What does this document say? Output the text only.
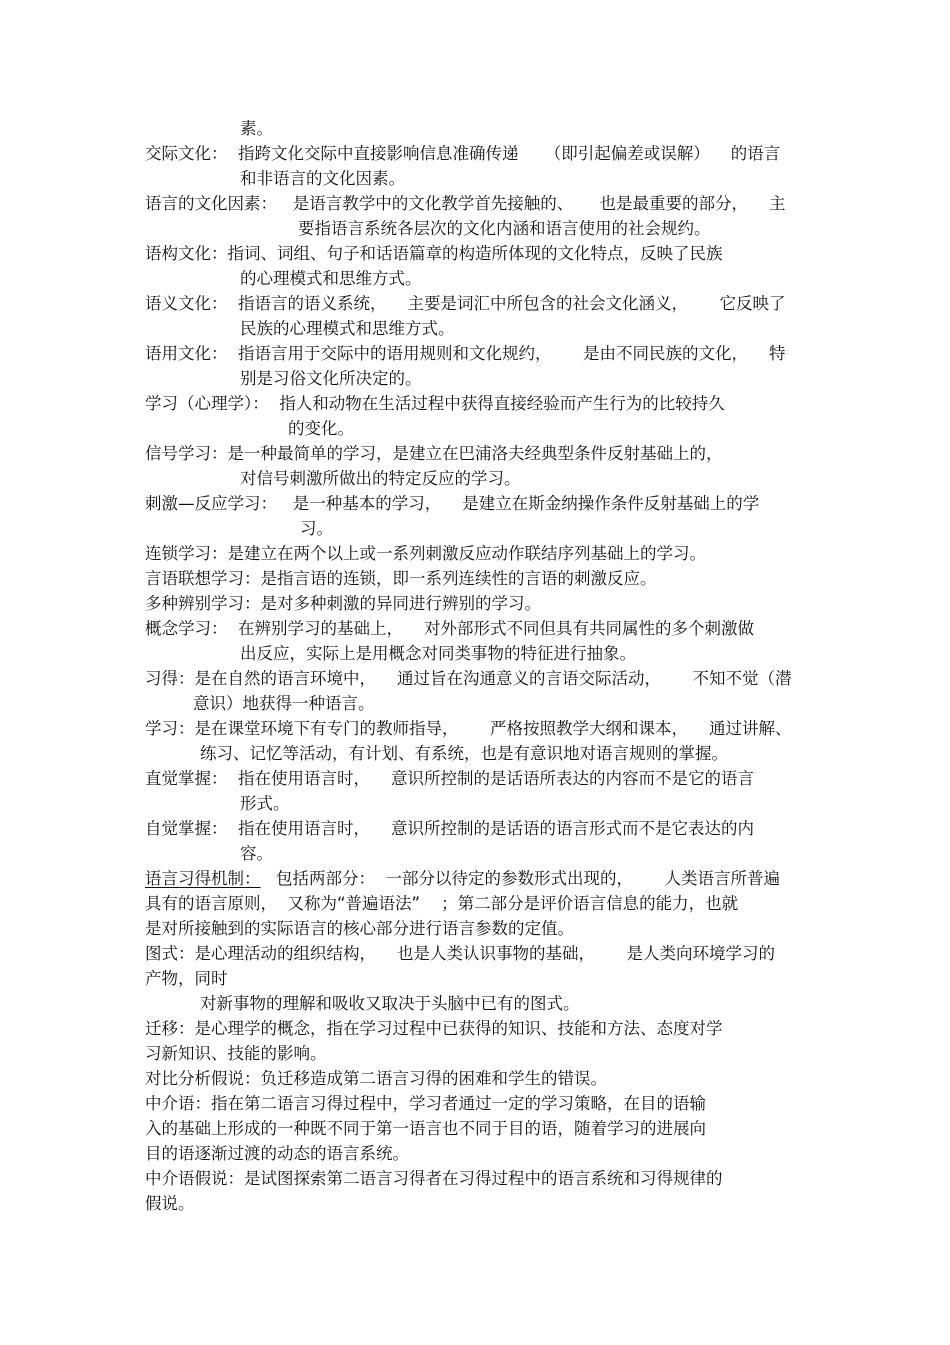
素。
交际文化：  指跨文化交际中直接影响信息准确传递     （即引起偏差或误解）    的语言
和非语言的文化因素。
语言的文化因素：   是语言教学中的文化教学首先接触的、     也是最重要的部分，    主
要指语言系统各层次的文化内涵和语言使用的社会规约。
语构文化：指词、词组、句子和话语篇章的构造所体现的文化特点，反映了民族
的心理模式和思维方式。
语义文化：  指语言的语义系统，    主要是词汇中所包含的社会文化涵义，      它反映了
民族的心理模式和思维方式。
语用文化：  指语言用于交际中的语用规则和文化规约，      是由不同民族的文化，    特
别是习俗文化所决定的。
学习（心理学）：  指人和动物在生活过程中获得直接经验而产生行为的比较持久
的变化。
信号学习：是一种最简单的学习，是建立在巴浦洛夫经典型条件反射基础上的，
对信号刺激所做出的特定反应的学习。
刺激—反应学习：   是一种基本的学习，    是建立在斯金纳操作条件反射基础上的学
习。
连锁学习：是建立在两个以上或一系列刺激反应动作联结序列基础上的学习。
言语联想学习：是指言语的连锁，即一系列连续性的言语的刺激反应。
多种辨别学习：是对多种刺激的异同进行辨别的学习。
概念学习：  在辨别学习的基础上，    对外部形式不同但具有共同属性的多个刺激做
出反应，实际上是用概念对同类事物的特征进行抽象。
习得：是在自然的语言环境中，    通过旨在沟通意义的言语交际活动，      不知不觉（潜
意识）地获得一种语言。
学习：是在课堂环境下有专门的教师指导，      严格按照教学大纲和课本，    通过讲解、
练习、记忆等活动，有计划、有系统，也是有意识地对语言规则的掌握。
直觉掌握：  指在使用语言时，    意识所控制的是话语所表达的内容而不是它的语言
形式。
自觉掌握：  指在使用语言时，    意识所控制的是话语的语言形式而不是它表达的内
容。
语言习得机制： 包括两部分：  一部分以待定的参数形式出现的，      人类语言所普遍
具有的语言原则，  又称为“普遍语法”    ；第二部分是评价语言信息的能力，也就
是对所接触到的实际语言的核心部分进行语言参数的定值。
图式：是心理活动的组织结构，    也是人类认识事物的基础，      是人类向环境学习的
产物，同时
对新事物的理解和吸收又取决于头脑中已有的图式。
迁移：是心理学的概念，指在学习过程中已获得的知识、技能和方法、态度对学
习新知识、技能的影响。
对比分析假说：负迁移造成第二语言习得的困难和学生的错误。
中介语：指在第二语言习得过程中，学习者通过一定的学习策略，在目的语输
入的基础上形成的一种既不同于第一语言也不同于目的语，随着学习的进展向
目的语逐渐过渡的动态的语言系统。
中介语假说：是试图探索第二语言习得者在习得过程中的语言系统和习得规律的
假说。
